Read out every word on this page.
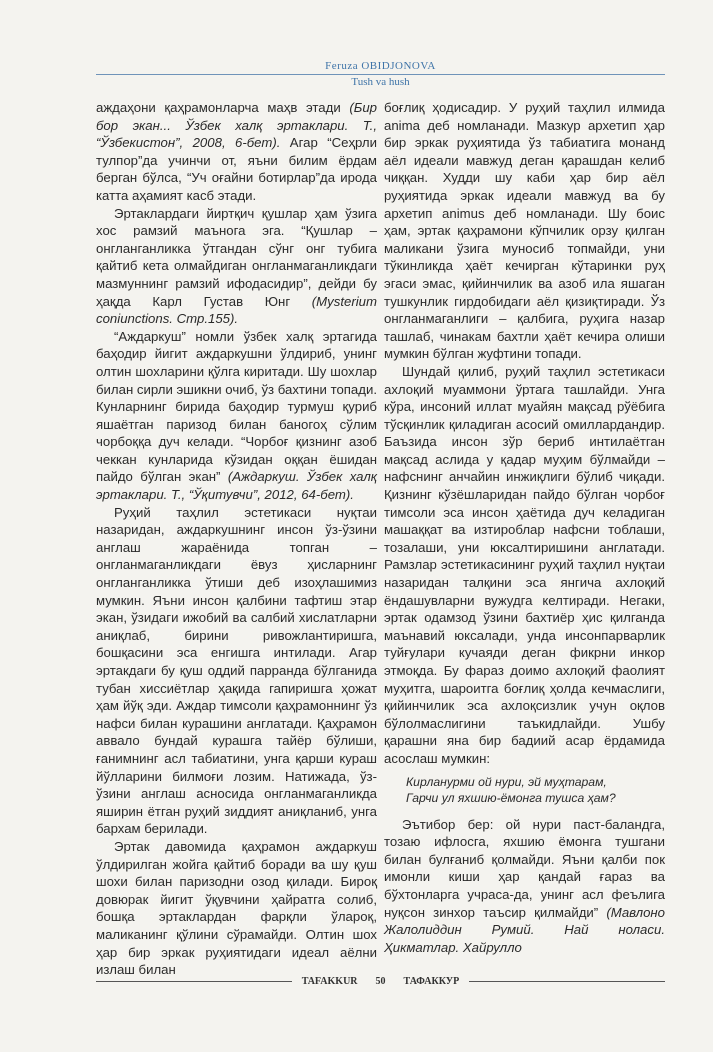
Feruza OBIDJONOVA
Tush va hush

аждаҳони қаҳрамонларча маҳв этади (Бир бор экан... Ўзбек халқ эртаклари. Т., “Ўзбекистон”, 2008, 6-бет). Агар “Сеҳрли тулпор”да учинчи от, яъни билим ёрдам берган бўлса, “Уч оғайни ботирлар”да ирода катта аҳамият касб этади.

Эртаклардаги йиртқич қушлар ҳам ўзига хос рамзий маънога эга. “Қушлар – онгланганликка ўтгандан сўнг онг тубига қайтиб кета олмайдиган онгланмаганликдаги мазмуннинг рамзий ифодасидир”, дейди бу ҳақда Карл Густав Юнг (Mysterium coniunctions. Стр.155).

“Аждаркуш” номли ўзбек халқ эртагида баҳодир йигит аждаркушни ўлдириб, унинг олтин шохларини қўлга киритади. Шу шохлар билан сирли эшикни очиб, ўз бахтини топади. Кунларнинг бирида баҳодир турмуш қуриб яшаётган паризод билан баногоҳ сўлим чорбоққа дуч келади. “Чорбоғ қизнинг азоб чеккан кунларида кўзидан оққан ёшидан пайдо бўлган экан” (Аждаркуш. Ўзбек халқ эртаклари. Т., “Ўқитувчи”, 2012, 64-бет).

Руҳий таҳлил эстетикаси нуқтаи назаридан, аждаркушнинг инсон ўз-ўзини англаш жараёнида топган – онгланмаганликдаги ёвуз ҳисларнинг онгланганликка ўтиши деб изоҳлашимиз мумкин. Яъни инсон қалбини тафтиш этар экан, ўзидаги ижобий ва салбий хислатларни аниқлаб, бирини ривожлантиришга, бошқасини эса енгишга интилади. Агар эртакдаги бу қуш оддий парранда бўлганида тубан хиссиётлар ҳақида гапиришга ҳожат ҳам йўқ эди. Аждар тимсоли қаҳрамоннинг ўз нафси билан курашини англатади. Қаҳрамон аввало бундай курашга тайёр бўлиши, ғанимнинг асл табиатини, унга қарши кураш йўлларини билмоғи лозим. Натижада, ўз-ўзини англаш асносида онгланмаганликда яширин ётган руҳий зиддият аниқланиб, унга бархам берилади.

Эртак давомида қаҳрамон аждаркуш ўлдирилган жойга қайтиб боради ва шу қуш шохи билан паризодни озод қилади. Бироқ довюрак йигит ўқувчини ҳайратга солиб, бошқа эртаклардан фарқли ўлароқ, маликанинг қўлини сўрамайди. Олтин шох ҳар бир эркак руҳиятидаги идеал аёлни излаш билан

боғлиқ ҳодисадир. У руҳий таҳлил илмида anima деб номланади. Мазкур архетип ҳар бир эркак руҳиятида ўз табиатига монанд аёл идеали мавжуд деган қарашдан келиб чиққан. Худди шу каби ҳар бир аёл руҳиятида эркак идеали мавжуд ва бу архетип animus деб номланади. Шу боис ҳам, эртак қаҳрамони кўпчилик орзу қилган маликани ўзига муносиб топмайди, уни тўкинликда ҳаёт кечирган кўтаринки руҳ эгаси эмас, қийинчилик ва азоб ила яшаган тушкунлик гирдобидаги аёл қизиқтиради. Ўз онгланмаганлиги – қалбига, руҳига назар ташлаб, чинакам бахтли ҳаёт кечира олиши мумкин бўлган жуфтини топади.

Шундай қилиб, руҳий таҳлил эстетикаси ахлоқий муаммони ўртага ташлайди. Унга кўра, инсоний иллат муайян мақсад рўёбига тўсқинлик қиладиган асосий омиллардандир. Баъзида инсон зўр бериб интилаётган мақсад аслида у қадар муҳим бўлмайди – нафснинг анчайин инжиқлиги бўлиб чиқади. Қизнинг кўзёшларидан пайдо бўлган чорбоғ тимсоли эса инсон ҳаётида дуч келадиган машаққат ва изтироблар нафсни тоблаши, тозалаши, уни юксалтиришини англатади. Рамзлар эстетикасининг руҳий таҳлил нуқтаи назаридан талқини эса янгича ахлоқий ёндашувларни вужудга келтиради. Негаки, эртак одамзод ўзини бахтиёр ҳис қилганда маънавий юксалади, унда инсонпарварлик туйғулари кучаяди деган фикрни инкор этмоқда. Бу фараз доимо ахлоқий фаолият муҳитга, шароитга боғлиқ ҳолда кечмаслиги, қийинчилик эса ахлоқсизлик учун оқлов бўлолмаслигини таъкидлайди. Ушбу қарашни яна бир бадиий асар ёрдамида асослаш мумкин:

Кирланурми ой нури, эй муҳтарам,
Гарчи ул яхшию-ёмонга тушса ҳам?

Эътибор бер: ой нури паст-баландга, тозаю ифлосга, яхшию ёмонга тушгани билан булғаниб қолмайди. Яъни қалби пок имонли киши ҳар қандай ғараз ва бўхтонларга учраса-да, унинг асл феълига нуқсон зинхор таъсир қилмайди” (Мавлоно Жалолиддин Румий. Най ноласи. Ҳикматлар. Хайрулло

TAFAKKUR	50	ТАФАККУР
